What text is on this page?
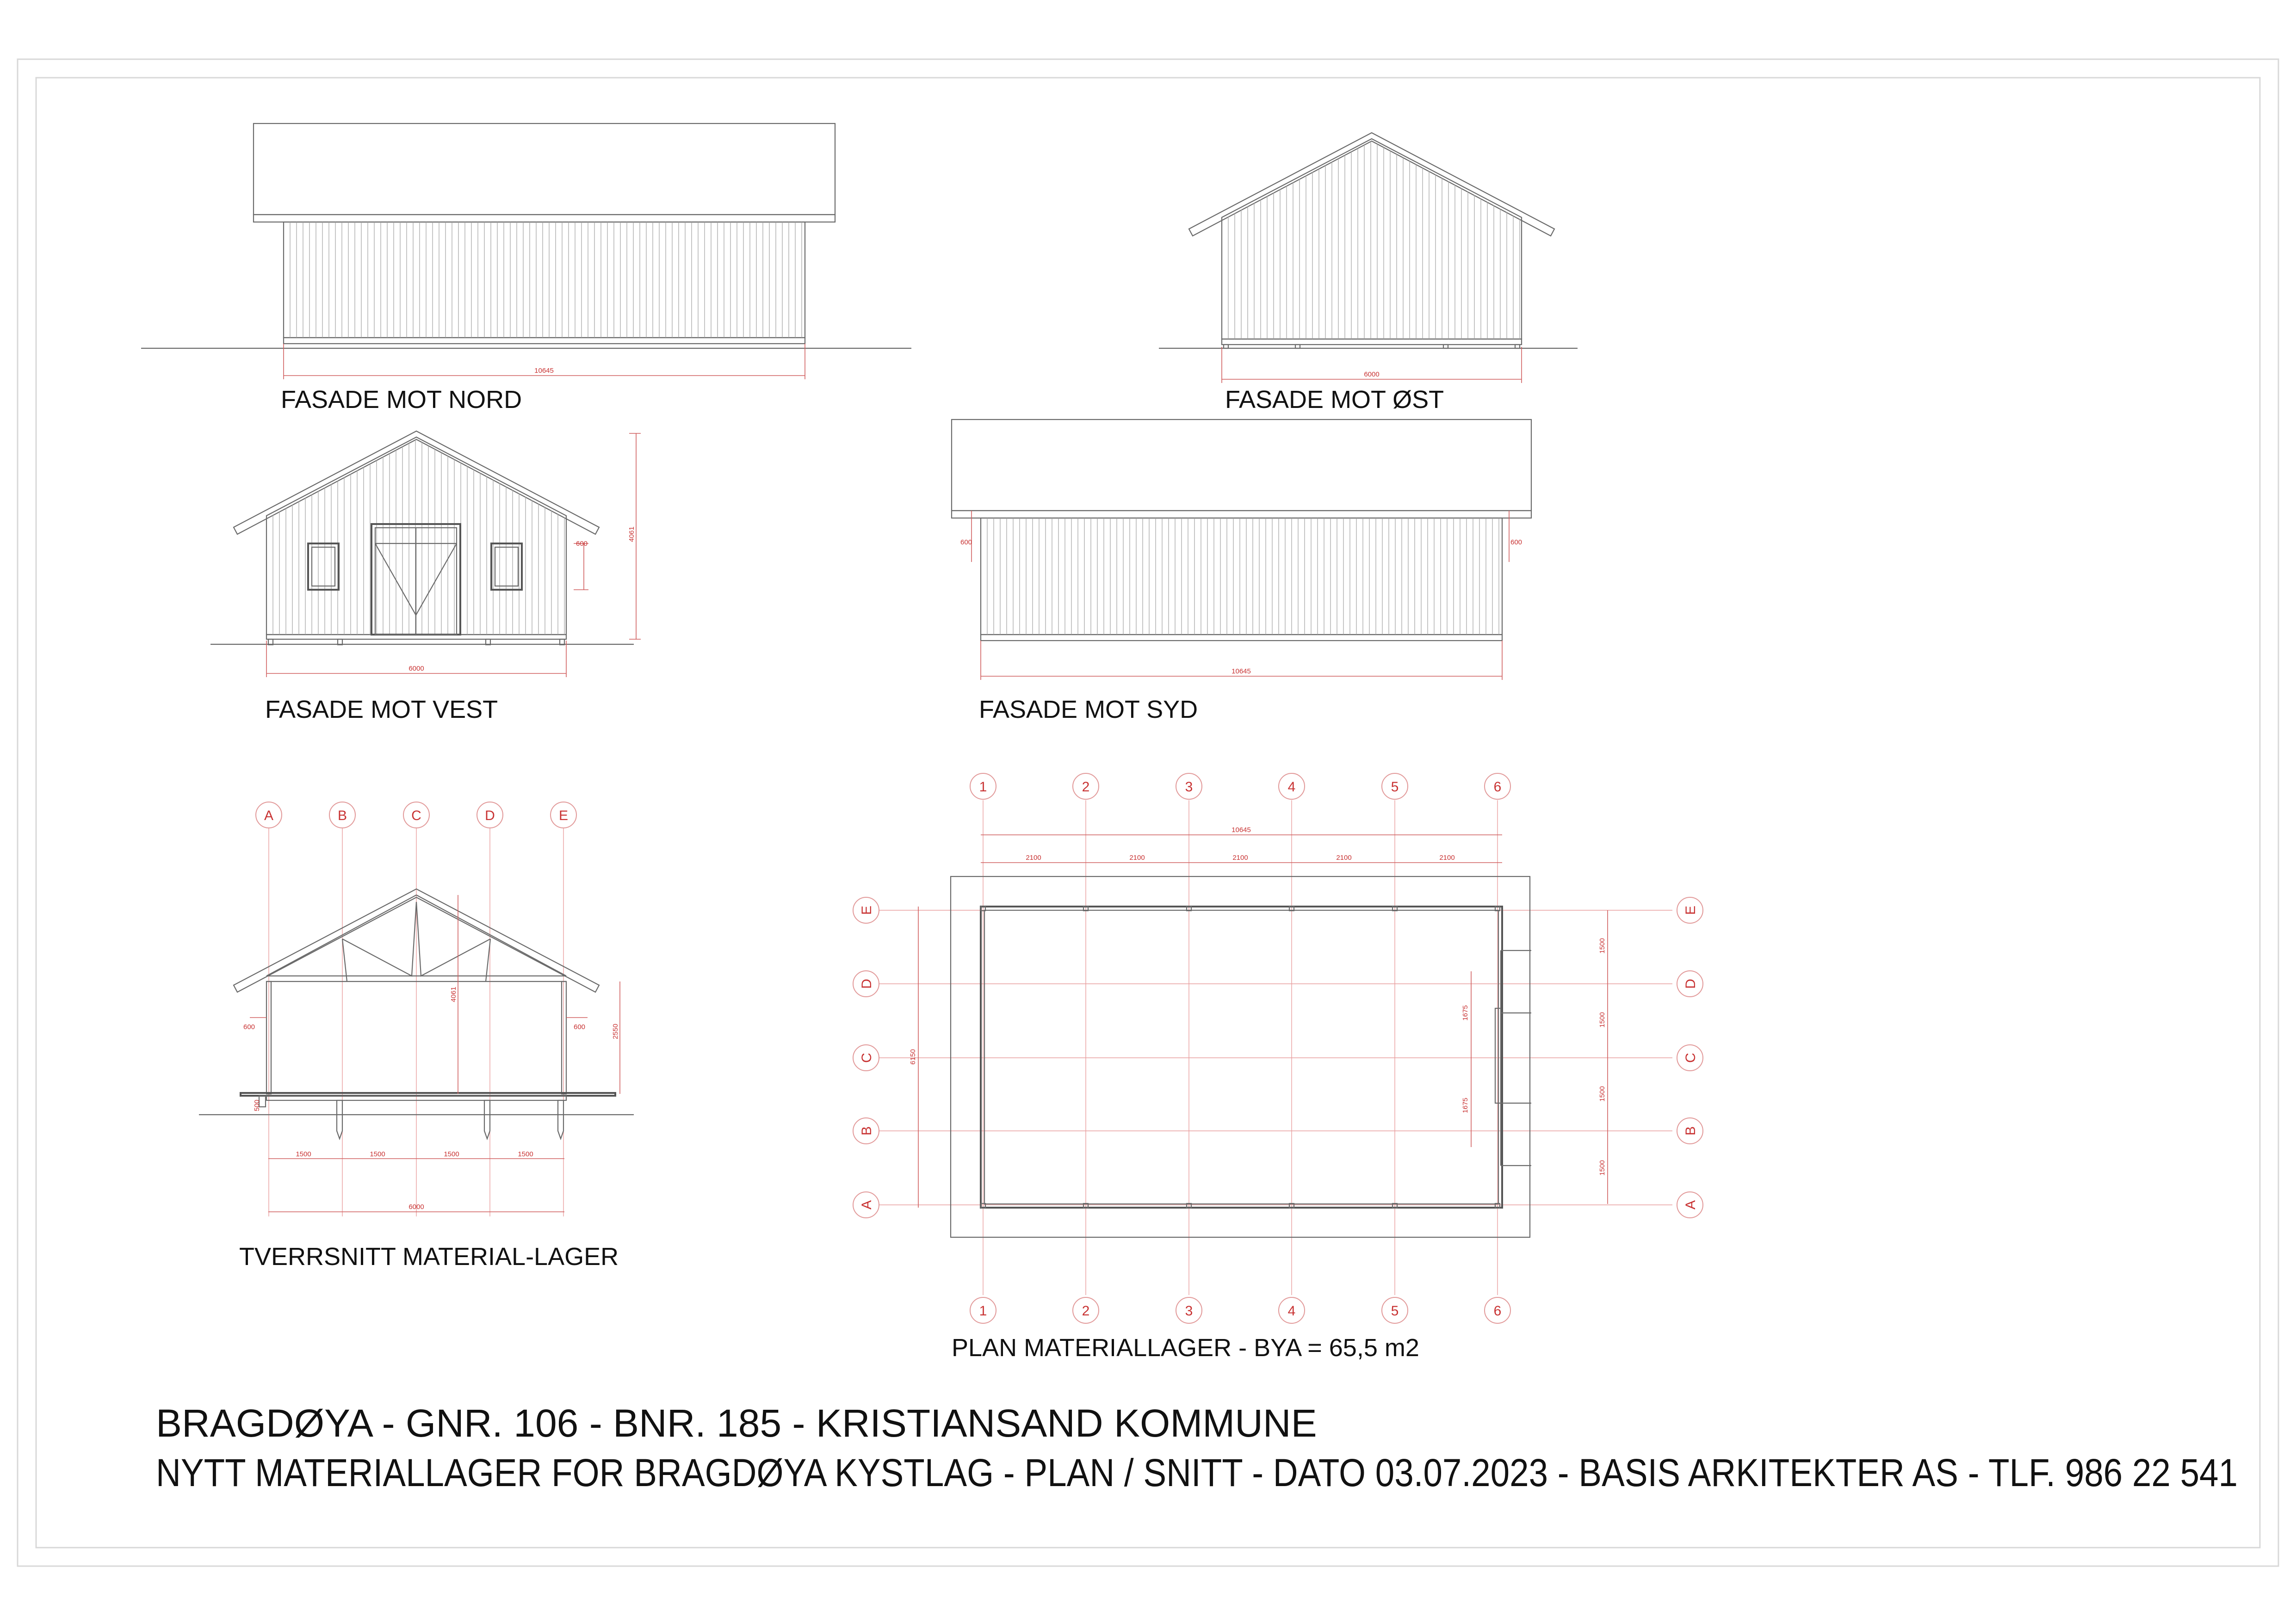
10645
FASADE MOT NORD
6000
FASADE MOT ØST
6000
600
4061
FASADE MOT VEST
10645
600	600
FASADE MOT SYD
1500	1500	1500	1500
6000
600	600
4061
2550
500
TVERRSNITT MATERIAL-LAGER
10645
2100	2100	2100	2100	2100
6150
1675
1675
1500
1500
1500
1500
PLAN MATERIALLAGER - BYA = 65,5 m2
A	B	C	D	E
1
1
2
2
3
3
4
4
5
5
6
6
A	A
B	B
C	C
D	D
E	E
BRAGDØYA - GNR. 106 - BNR. 185 - KRISTIANSAND KOMMUNE
NYTT MATERIALLAGER FOR BRAGDØYA KYSTLAG - PLAN / SNITT - DATO 03.07.2023 - BASIS ARKITEKTER AS - TLF. 986 22 541
